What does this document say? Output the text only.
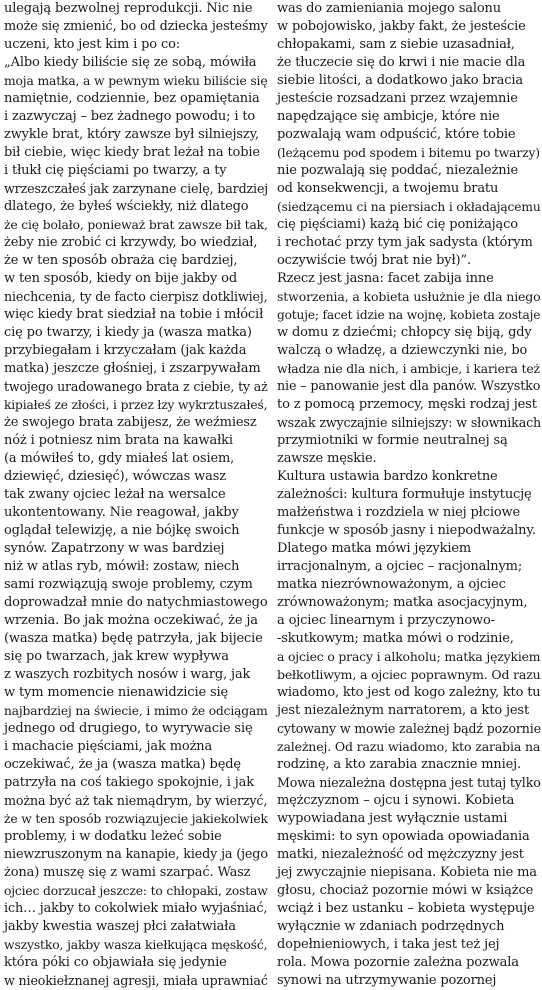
ulegają bezwolnej reprodukcji. Nic nie
może się zmienić, bo od dziecka jesteśmy
uczeni, kto jest kim i po co:
„Albo kiedy biliście się ze sobą, mówiła
moja matka, a w pewnym wieku biliście się
namiętnie, codziennie, bez opamiętania
i zazwyczaj – bez żadnego powodu; i to
zwykle brat, który zawsze był silniejszy,
bił ciebie, więc kiedy brat leżał na tobie
i tłukł cię pięściami po twarzy, a ty
wrzeszczałeś jak zarzynane cielę, bardziej
dlatego, że byłeś wściekły, niż dlatego
że cię bolało, ponieważ brat zawsze bił tak,
żeby nie zrobić ci krzywdy, bo wiedział,
że w ten sposób obraża cię bardziej,
w ten sposób, kiedy on bije jakby od
niechcenia, ty de facto cierpisz dotkliwiej,
więc kiedy brat siedział na tobie i młócił
cię po twarzy, i kiedy ja (wasza matka)
przybiegałam i krzyczałam (jak każda
matka) jeszcze głośniej, i zszarpywałam
twojego uradowanego brata z ciebie, ty aż
kipiałeś ze złości, i przez łzy wykrztuszałeś,
że swojego brata zabijesz, że weźmiesz
nóż i potniesz nim brata na kawałki
(a mówiłeś to, gdy miałeś lat osiem,
dziewięć, dziesięć), wówczas wasz
tak zwany ojciec leżał na wersalce
ukontentowany. Nie reagował, jakby
oglądał telewizję, a nie bójkę swoich
synów. Zapatrzony w was bardziej
niż w atlas ryb, mówił: zostaw, niech
sami rozwiązują swoje problemy, czym
doprowadzał mnie do natychmiastowego
wrzenia. Bo jak można oczekiwać, że ja
(wasza matka) będę patrzyła, jak bijecie
się po twarzach, jak krew wypływa
z waszych rozbitych nosów i warg, jak
w tym momencie nienawidzicie się
najbardziej na świecie, i mimo że odciągam
jednego od drugiego, to wyrywacie się
i machacie pięściami, jak można
oczekiwać, że ja (wasza matka) będę
patrzyła na coś takiego spokojnie, i jak
można być aż tak niemądrym, by wierzyć,
że w ten sposób rozwiązujecie jakiekolwiek
problemy, i w dodatku leżeć sobie
niewzruszonym na kanapie, kiedy ja (jego
żona) muszę się z wami szarpać. Wasz
ojciec dorzucał jeszcze: to chłopaki, zostaw
ich… jakby to cokolwiek miało wyjaśniać,
jakby kwestia waszej płci załatwiała
wszystko, jakby wasza kiełkująca męskość,
która póki co objawiała się jedynie
w nieokiełznanej agresji, miała uprawniać
was do zamieniania mojego salonu
w pobojowisko, jakby fakt, że jesteście
chłopakami, sam z siebie uzasadniał,
że tłuczecie się do krwi i nie macie dla
siebie litości, a dodatkowo jako bracia
jesteście rozsadzani przez wzajemnie
napędzające się ambicje, które nie
pozwalają wam odpuścić, które tobie
(leżącemu pod spodem i bitemu po twarzy)
nie pozwalają się poddać, niezależnie
od konsekwencji, a twojemu bratu
(siedzącemu ci na piersiach i okładającemu
cię pięściami) każą bić cię poniżająco
i rechotać przy tym jak sadysta (którym
oczywiście twój brat nie był)”.
Rzecz jest jasna: facet zabija inne
stworzenia, a kobieta usłużnie je dla niego
gotuje; facet idzie na wojnę, kobieta zostaje
w domu z dziećmi; chłopcy się biją, gdy
walczą o władzę, a dziewczynki nie, bo
władza nie dla nich, i ambicje, i kariera też
nie – panowanie jest dla panów. Wszystko
to z pomocą przemocy, męski rodzaj jest
wszak zwyczajnie silniejszy: w słownikach
przymiotniki w formie neutralnej są
zawsze męskie.
Kultura ustawia bardzo konkretne
zależności: kultura formułuje instytucję
małżeństwa i rozdziela w niej płciowe
funkcje w sposób jasny i niepodważalny.
Dlatego matka mówi językiem
irracjonalnym, a ojciec – racjonalnym;
matka niezrównoważonym, a ojciec
zrównoważonym; matka asocjacyjnym,
a ojciec linearnym i przyczynowo-
-skutkowym; matka mówi o rodzinie,
a ojciec o pracy i alkoholu; matka językiem
bełkotliwym, a ojciec poprawnym. Od razu
wiadomo, kto jest od kogo zależny, kto tu
jest niezależnym narratorem, a kto jest
cytowany w mowie zależnej bądź pozornie
zależnej. Od razu wiadomo, kto zarabia na
rodzinę, a kto zarabia znacznie mniej.
Mowa niezależna dostępna jest tutaj tylko
mężczyznom – ojcu i synowi. Kobieta
wypowiadana jest wyłącznie ustami
męskimi: to syn opowiada opowiadania
matki, niezależność od mężczyzny jest
jej zwyczajnie niepisana. Kobieta nie ma
głosu, chociaż pozornie mówi w książce
wciąż i bez ustanku – kobieta występuje
wyłącznie w zdaniach podrzędnych
dopełnieniowych, i taka jest też jej
rola. Mowa pozornie zależna pozwala
synowi na utrzymywanie pozornej
